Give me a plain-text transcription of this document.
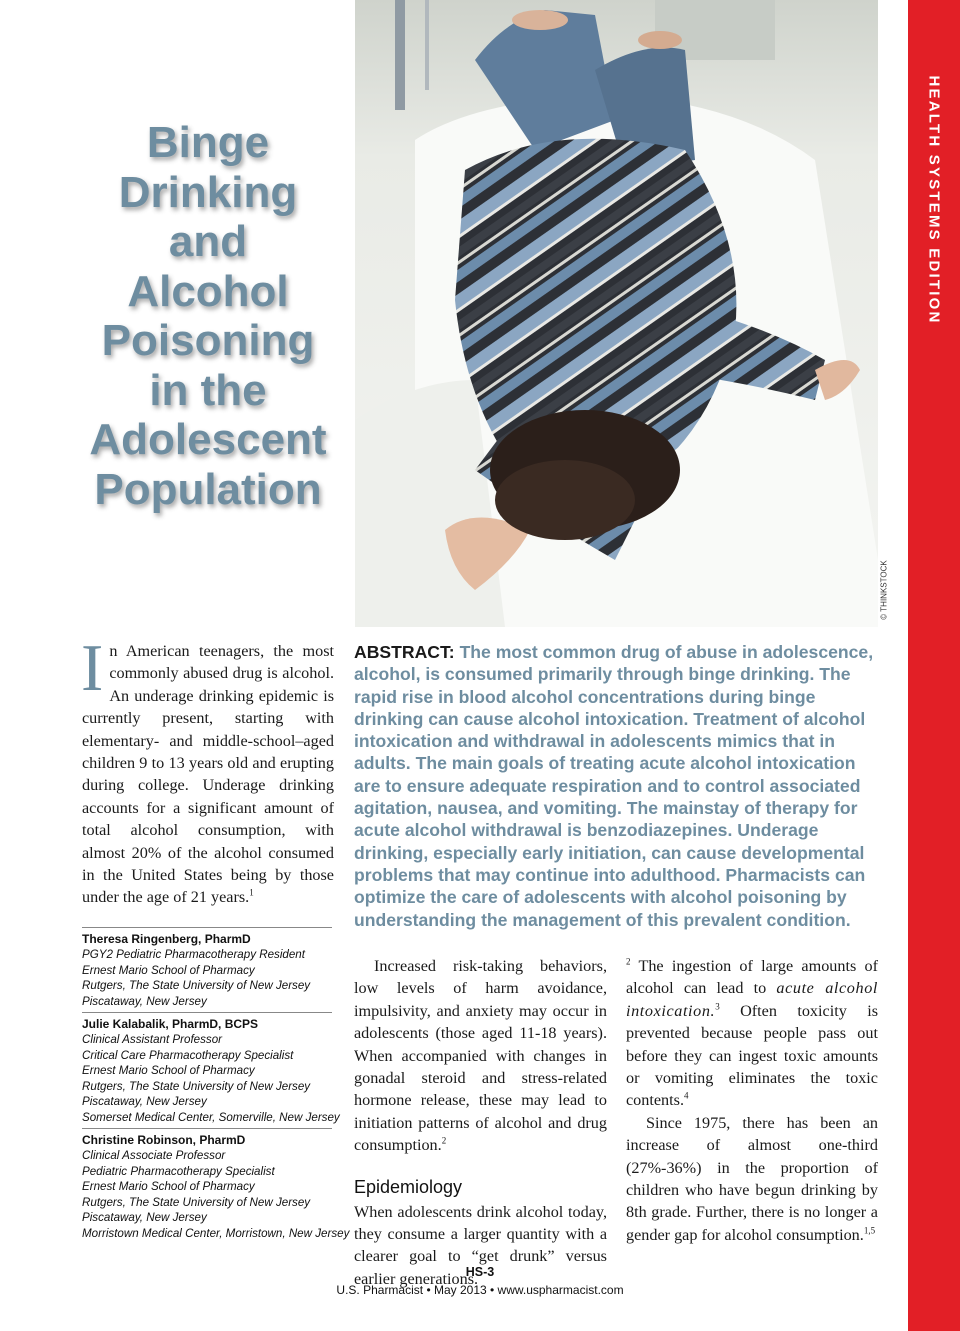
HEALTH SYSTEMS EDITION
Binge
Drinking
and
Alcohol
Poisoning
in the
Adolescent
Population
© THINKSTOCK
In American teenagers, the most commonly abused drug is alcohol. An underage drinking epidemic is currently present, starting with elementary- and middle-school–aged children 9 to 13 years old and erupting during college. Underage drinking accounts for a significant amount of total alcohol consumption, with almost 20% of the alcohol consumed in the United States being by those under the age of 21 years.$^1$
Theresa Ringenberg, PharmD
PGY2 Pediatric Pharmacotherapy Resident
Ernest Mario School of Pharmacy
Rutgers, The State University of New Jersey
Piscataway, New Jersey
Julie Kalabalik, PharmD, BCPS
Clinical Assistant Professor
Critical Care Pharmacotherapy Specialist
Ernest Mario School of Pharmacy
Rutgers, The State University of New Jersey
Piscataway, New Jersey
Somerset Medical Center, Somerville, New Jersey
Christine Robinson, PharmD
Clinical Associate Professor
Pediatric Pharmacotherapy Specialist
Ernest Mario School of Pharmacy
Rutgers, The State University of New Jersey
Piscataway, New Jersey
Morristown Medical Center, Morristown, New Jersey
ABSTRACT: The most common drug of abuse in adolescence, alcohol, is consumed primarily through binge drinking. The rapid rise in blood alcohol concentrations during binge drinking can cause alcohol intoxication. Treatment of alcohol intoxication and withdrawal in adolescents mimics that in adults. The main goals of treating acute alcohol intoxication are to ensure adequate respiration and to control associated agitation, nausea, and vomiting. The mainstay of therapy for acute alcohol withdrawal is benzodiazepines. Underage drinking, especially early initiation, can cause developmental problems that may continue into adulthood. Pharmacists can optimize the care of adolescents with alcohol poisoning by understanding the management of this prevalent condition.

Increased risk-taking behaviors, low levels of harm avoidance, impulsivity, and anxiety may occur in adolescents (those aged 11-18 years). When accompanied with changes in gonadal steroid and stress-related hormone release, these may lead to initiation patterns of alcohol and drug consumption.$^2$

Epidemiology

When adolescents drink alcohol today, they consume a larger quantity with a clearer goal to “get drunk” versus earlier generations.

$^2$ The ingestion of large amounts of alcohol can lead to acute alcohol intoxication.$^3$ Often toxicity is prevented because people pass out before they can ingest toxic amounts or vomiting eliminates the toxic contents.$^4$

Since 1975, there has been an increase of almost one-third (27%-36%) in the proportion of children who have begun drinking by 8th grade. Further, there is no longer a gender gap for alcohol consumption.$^{1,5}$

HS-3
U.S. Pharmacist • May 2013 • www.uspharmacist.com
